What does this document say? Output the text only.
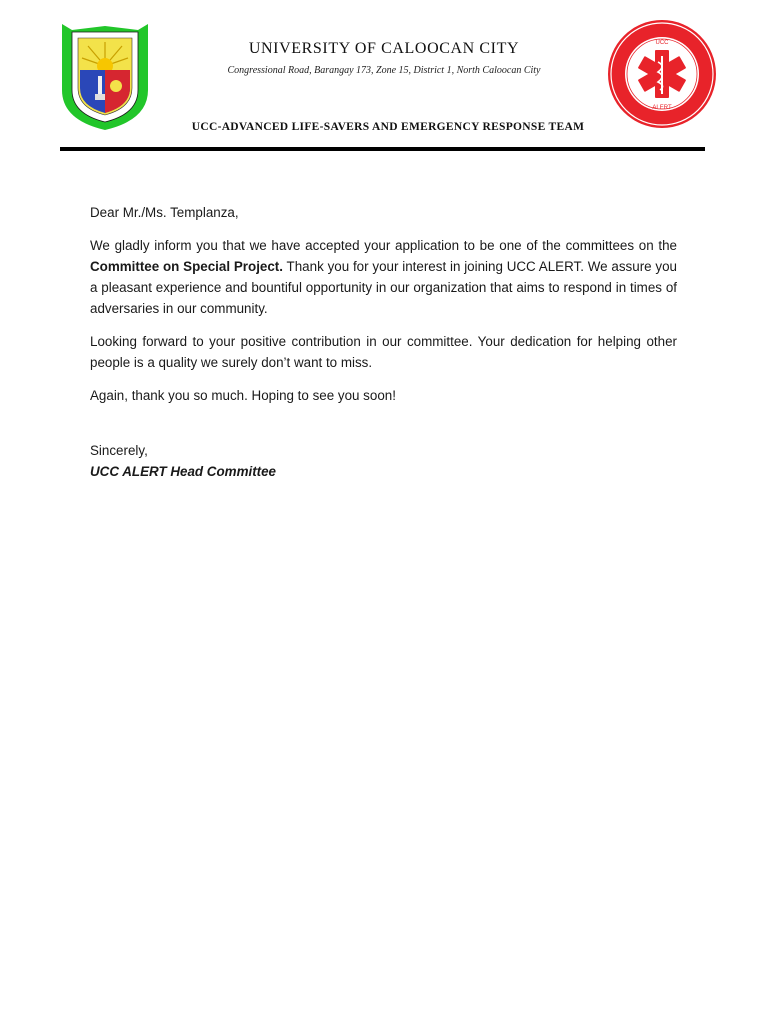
UCC
ALERT
UNIVERSITY OF CALOOCAN CITY
Congressional Road, Barangay 173, Zone 15, District 1, North Caloocan City
UCC-ADVANCED LIFE-SAVERS AND EMERGENCY RESPONSE TEAM

Dear Mr./Ms. Templanza,

We gladly inform you that we have accepted your application to be one of the committees on the Committee on Special Project. Thank you for your interest in joining UCC ALERT. We assure you a pleasant experience and bountiful opportunity in our organization that aims to respond in times of adversaries in our community.

Looking forward to your positive contribution in our committee. Your dedication for helping other people is a quality we surely don’t want to miss.

Again, thank you so much. Hoping to see you soon!

Sincerely,

UCC ALERT Head Committee
